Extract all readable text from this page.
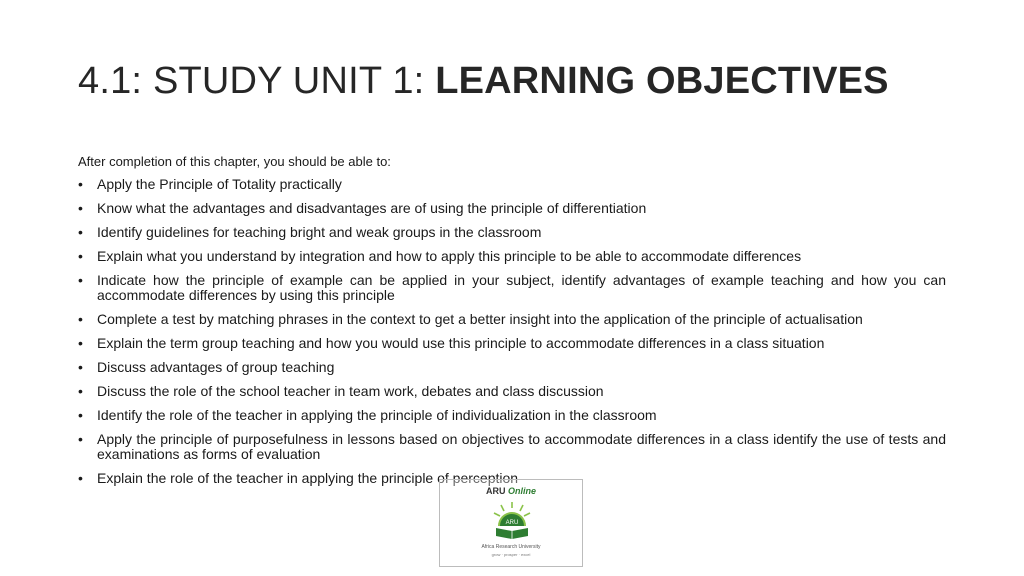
4.1: STUDY UNIT 1: LEARNING OBJECTIVES

After completion of this chapter, you should be able to:

• Apply the Principle of Totality practically
• Know what the advantages and disadvantages are of using the principle of differentiation
• Identify guidelines for teaching bright and weak groups in the classroom
• Explain what you understand by integration and how to apply this principle to be able to accommodate differences
• Indicate how the principle of example can be applied in your subject, identify advantages of example teaching and how you can accommodate differences by using this principle
• Complete a test by matching phrases in the context to get a better insight into the application of the principle of actualisation
• Explain the term group teaching and how you would use this principle to accommodate differences in a class situation
• Discuss advantages of group teaching
• Discuss the role of the school teacher in team work, debates and class discussion
• Identify the role of the teacher in applying the principle of individualization in the classroom
• Apply the principle of purposefulness in lessons based on objectives to accommodate differences in a class identify the use of tests and examinations as forms of evaluation
• Explain the role of the teacher in applying the principle of perception
ARU Online
ARU
Africa Research University
grow · prosper · excel
